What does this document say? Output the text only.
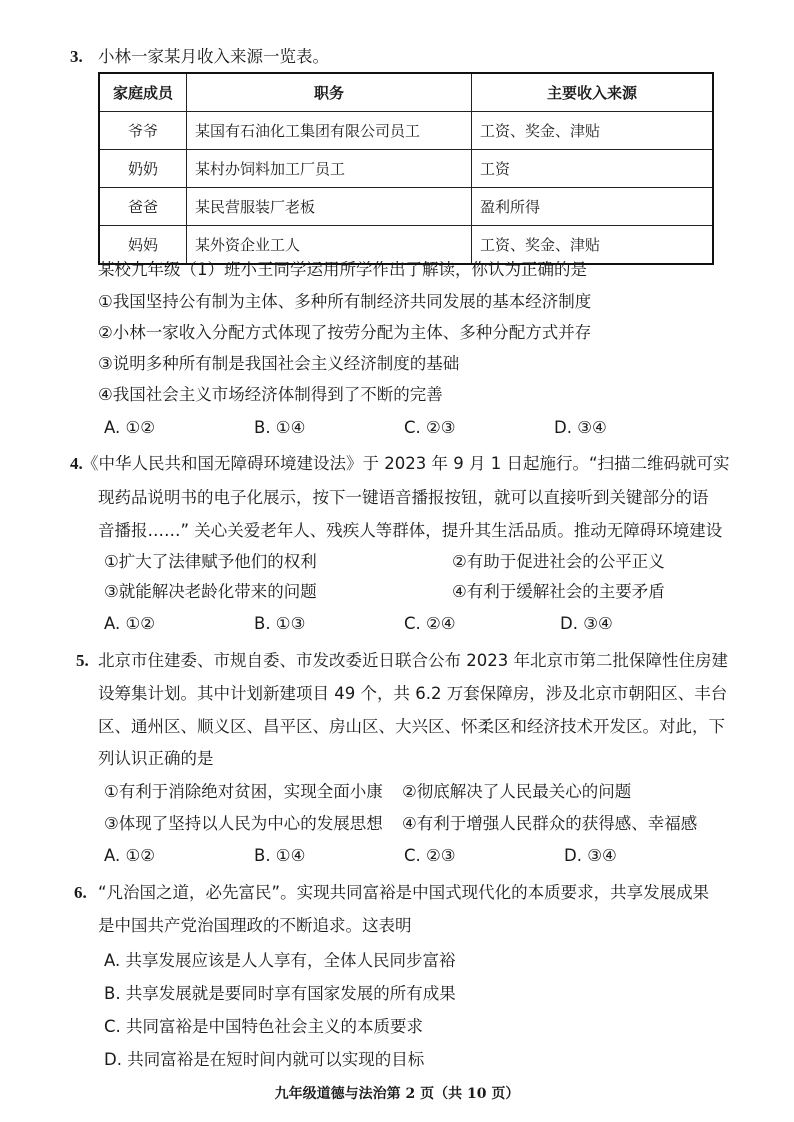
3. 小林一家某月收入来源一览表。
家庭成员	职务	主要收入来源
爷爷	某国有石油化工集团有限公司员工	工资、奖金、津贴
奶奶	某村办饲料加工厂员工	工资
爸爸	某民营服装厂老板	盈利所得
妈妈	某外资企业工人	工资、奖金、津贴
某校九年级（1）班小王同学运用所学作出了解读，你认为正确的是
①我国坚持公有制为主体、多种所有制经济共同发展的基本经济制度
②小林一家收入分配方式体现了按劳分配为主体、多种分配方式并存
③说明多种所有制是我国社会主义经济制度的基础
④我国社会主义市场经济体制得到了不断的完善
A. ①②	B. ①④	C. ②③	D. ③④
4. 《中华人民共和国无障碍环境建设法》于 2023 年 9 月 1 日起施行。“扫描二维码就可实
现药品说明书的电子化展示，按下一键语音播报按钮，就可以直接听到关键部分的语
音播报……” 关心关爱老年人、残疾人等群体，提升其生活品质。推动无障碍环境建设
①扩大了法律赋予他们的权利	②有助于促进社会的公平正义
③就能解决老龄化带来的问题	④有利于缓解社会的主要矛盾
A. ①②	B. ①③	C. ②④	D. ③④
5. 北京市住建委、市规自委、市发改委近日联合公布 2023 年北京市第二批保障性住房建
设筹集计划。其中计划新建项目 49 个，共 6.2 万套保障房，涉及北京市朝阳区、丰台
区、通州区、顺义区、昌平区、房山区、大兴区、怀柔区和经济技术开发区。对此，下
列认识正确的是
①有利于消除绝对贫困，实现全面小康 ②彻底解决了人民最关心的问题
③体现了坚持以人民为中心的发展思想 ④有利于增强人民群众的获得感、幸福感
A. ①②	B. ①④	C. ②③	D. ③④
6. “凡治国之道，必先富民”。实现共同富裕是中国式现代化的本质要求，共享发展成果
是中国共产党治国理政的不断追求。这表明
A. 共享发展应该是人人享有，全体人民同步富裕
B. 共享发展就是要同时享有国家发展的所有成果
C. 共同富裕是中国特色社会主义的本质要求
D. 共同富裕是在短时间内就可以实现的目标
九年级道德与法治第 2 页（共 10 页）
